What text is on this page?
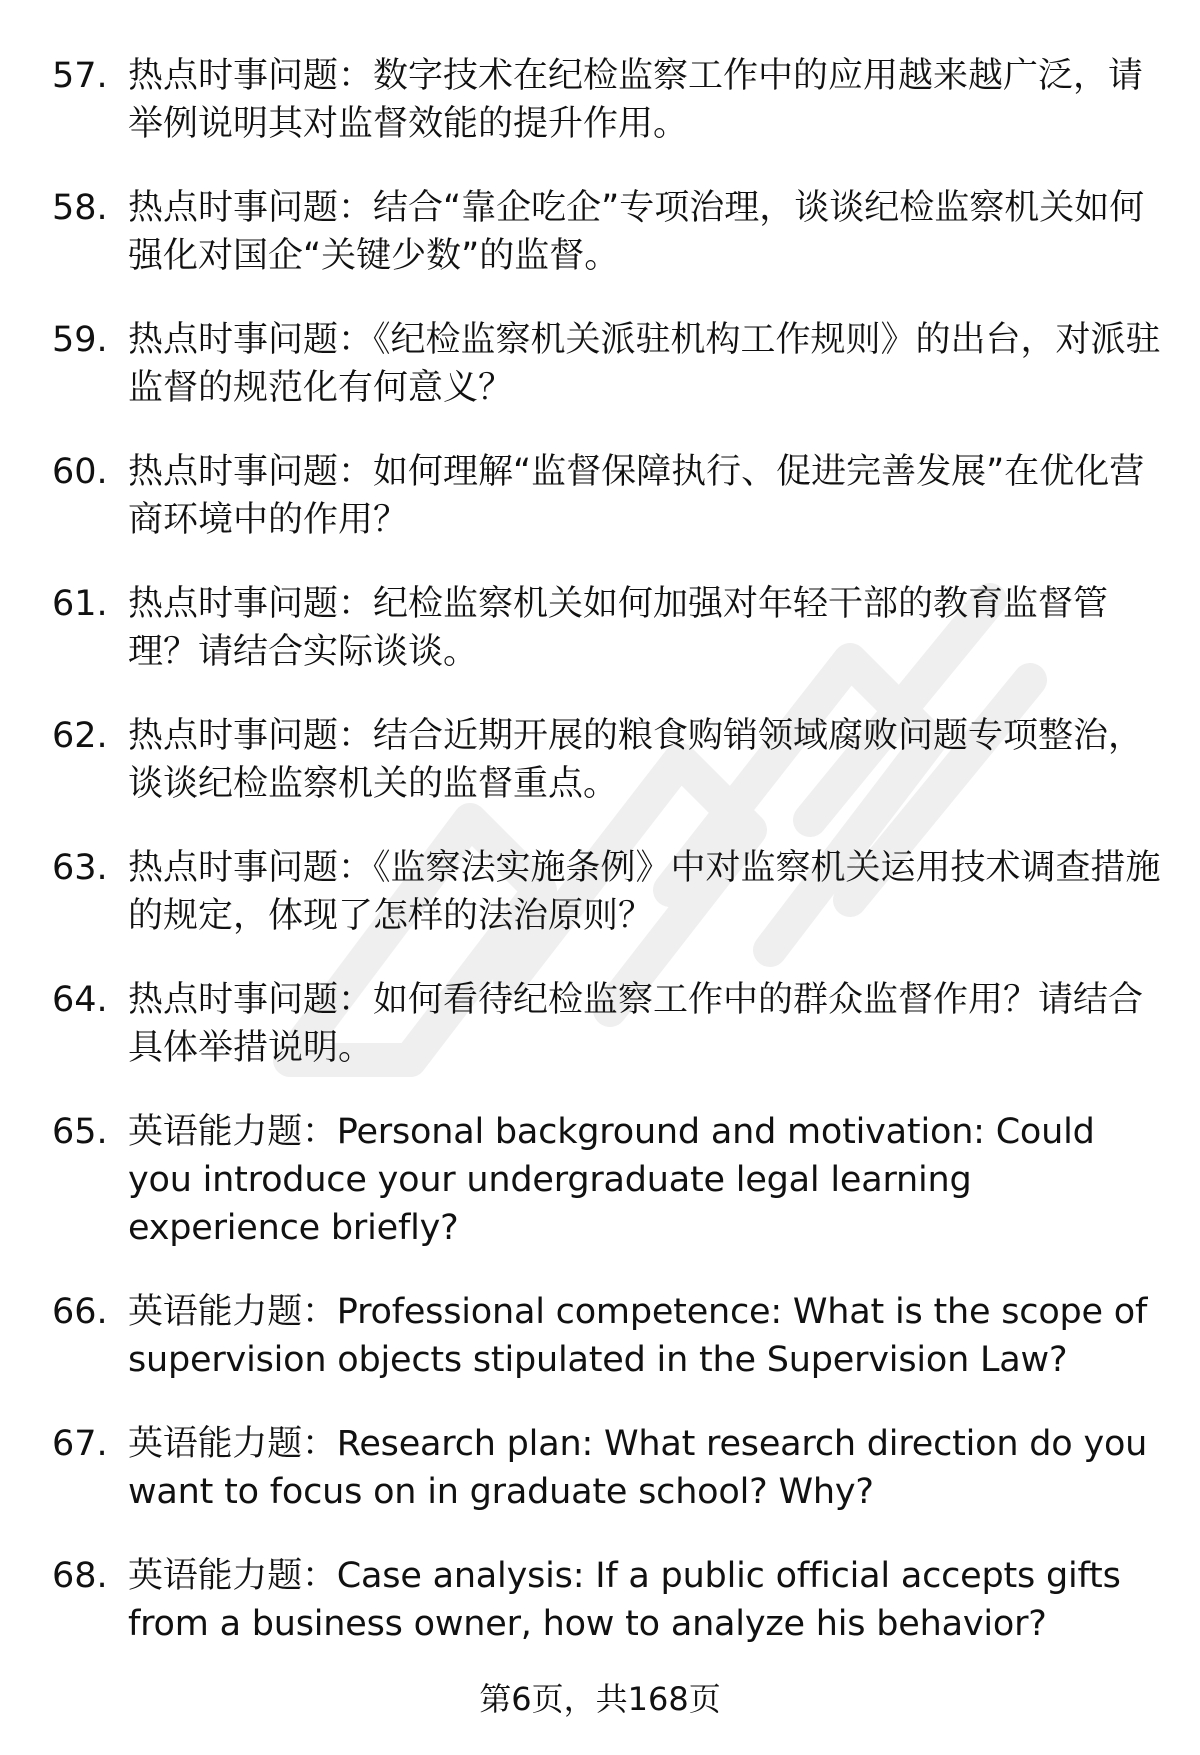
57. 热点时事问题：数字技术在纪检监察工作中的应用越来越广泛，请举例说明其对监督效能的提升作用。
58. 热点时事问题：结合“靠企吃企”专项治理，谈谈纪检监察机关如何强化对国企“关键少数”的监督。
59. 热点时事问题：《纪检监察机关派驻机构工作规则》的出台，对派驻监督的规范化有何意义？
60. 热点时事问题：如何理解“监督保障执行、促进完善发展”在优化营商环境中的作用？
61. 热点时事问题：纪检监察机关如何加强对年轻干部的教育监督管理？请结合实际谈谈。
62. 热点时事问题：结合近期开展的粮食购销领域腐败问题专项整治，谈谈纪检监察机关的监督重点。
63. 热点时事问题：《监察法实施条例》中对监察机关运用技术调查措施的规定，体现了怎样的法治原则？
64. 热点时事问题：如何看待纪检监察工作中的群众监督作用？请结合具体举措说明。
65. 英语能力题：Personal background and motivation: Could you introduce your undergraduate legal learning experience briefly?
66. 英语能力题：Professional competence: What is the scope of supervision objects stipulated in the Supervision Law?
67. 英语能力题：Research plan: What research direction do you want to focus on in graduate school? Why?
68. 英语能力题：Case analysis: If a public official accepts gifts from a business owner, how to analyze his behavior?
第6页，共168页
